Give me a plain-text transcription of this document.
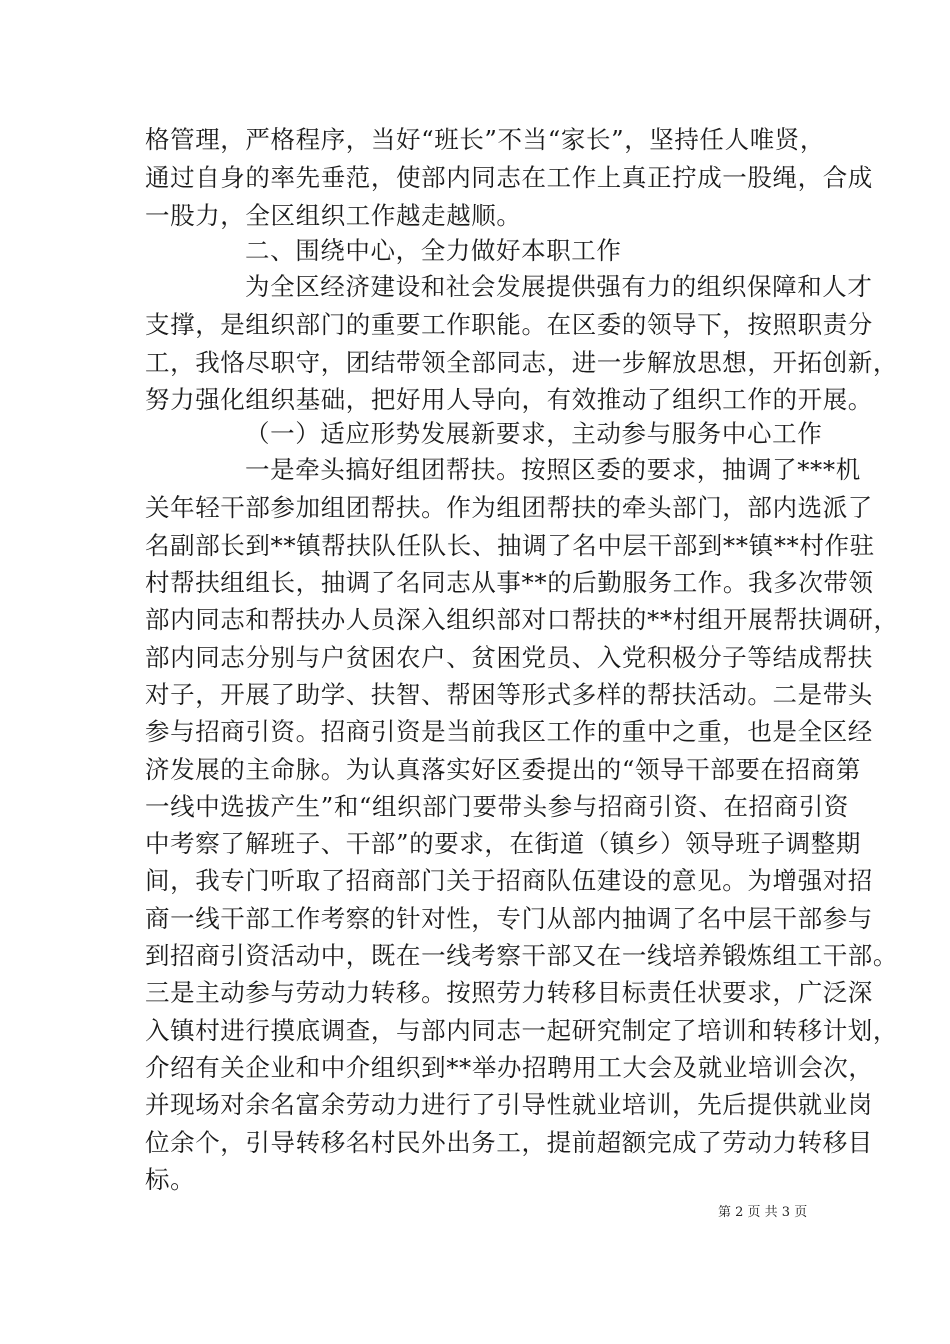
格管理，严格程序，当好“班长”不当“家长”，坚持任人唯贤，
通过自身的率先垂范，使部内同志在工作上真正拧成一股绳，合成
一股力，全区组织工作越走越顺。
二、围绕中心，全力做好本职工作
为全区经济建设和社会发展提供强有力的组织保障和人才
支撑，是组织部门的重要工作职能。在区委的领导下，按照职责分
工，我恪尽职守，团结带领全部同志，进一步解放思想，开拓创新，
努力强化组织基础，把好用人导向，有效推动了组织工作的开展。
（一）适应形势发展新要求，主动参与服务中心工作
一是牵头搞好组团帮扶。按照区委的要求，抽调了***机
关年轻干部参加组团帮扶。作为组团帮扶的牵头部门，部内选派了
名副部长到**镇帮扶队任队长、抽调了名中层干部到**镇**村作驻
村帮扶组组长，抽调了名同志从事**的后勤服务工作。我多次带领
部内同志和帮扶办人员深入组织部对口帮扶的**村组开展帮扶调研，
部内同志分别与户贫困农户、贫困党员、入党积极分子等结成帮扶
对子，开展了助学、扶智、帮困等形式多样的帮扶活动。二是带头
参与招商引资。招商引资是当前我区工作的重中之重，也是全区经
济发展的主命脉。为认真落实好区委提出的“领导干部要在招商第
一线中选拔产生”和“组织部门要带头参与招商引资、在招商引资
中考察了解班子、干部”的要求，在街道（镇乡）领导班子调整期
间，我专门听取了招商部门关于招商队伍建设的意见。为增强对招
商一线干部工作考察的针对性，专门从部内抽调了名中层干部参与
到招商引资活动中，既在一线考察干部又在一线培养锻炼组工干部。
三是主动参与劳动力转移。按照劳力转移目标责任状要求，广泛深
入镇村进行摸底调查，与部内同志一起研究制定了培训和转移计划，
介绍有关企业和中介组织到**举办招聘用工大会及就业培训会次，
并现场对余名富余劳动力进行了引导性就业培训，先后提供就业岗
位余个，引导转移名村民外出务工，提前超额完成了劳动力转移目
标。
第 2 页 共 3 页
